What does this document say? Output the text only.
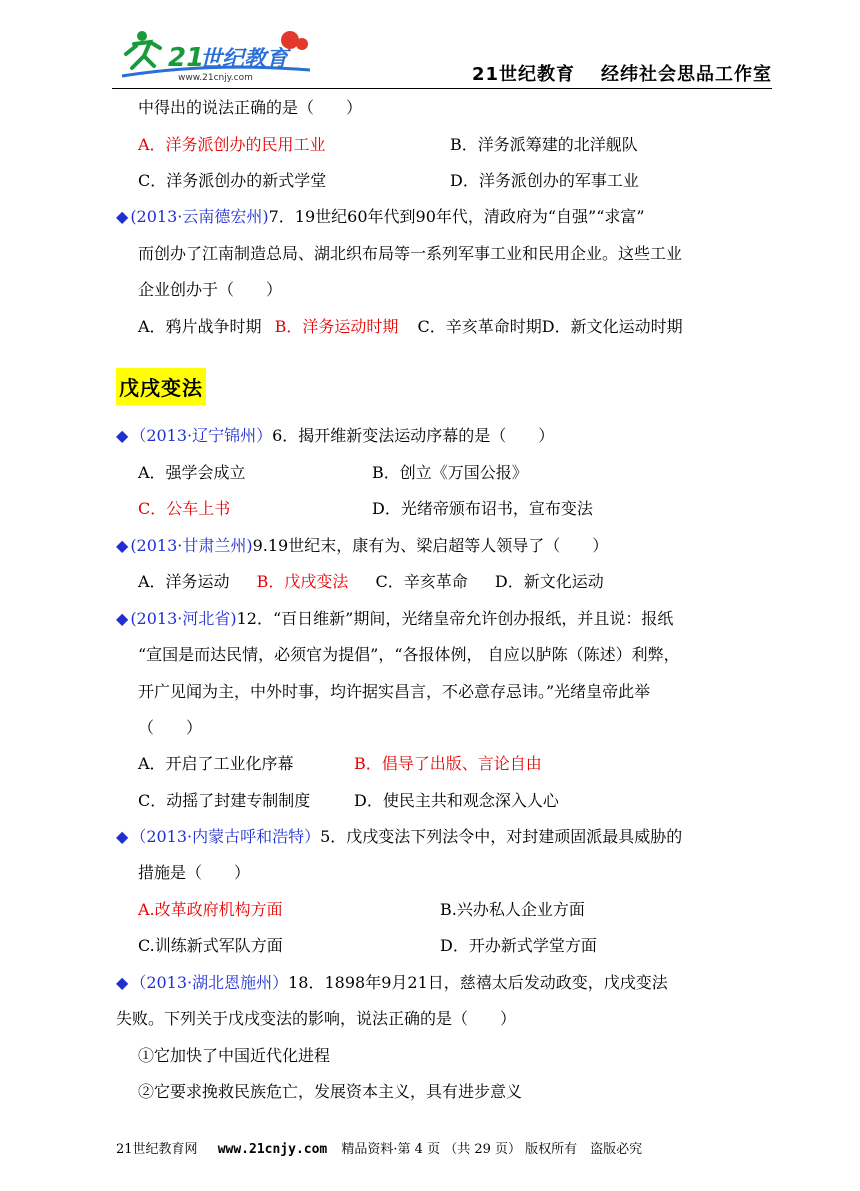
21
世纪教育
www.21cnjy.com	21世纪教育 经纬社会思品工作室
中得出的说法正确的是（　　）
A．洋务派创办的民用工业	B．洋务派筹建的北洋舰队
C．洋务派创办的新式学堂	D．洋务派创办的军事工业
◆ (2013·云南德宏州)7．19世纪60年代到90年代，清政府为“自强”“求富”
而创办了江南制造总局、湖北织布局等一系列军事工业和民用企业。这些工业
企业创办于（　　）
A．鸦片战争时期 B．洋务运动时期 C．辛亥革命时期D．新文化运动时期
戊戌变法
◆ （2013·辽宁锦州）6．揭开维新变法运动序幕的是（　　）
A．强学会成立	B．创立《万国公报》
C．公车上书	D．光绪帝颁布诏书，宣布变法
◆ (2013·甘肃兰州)9.19世纪末，康有为、梁启超等人领导了（　　）
A．洋务运动 B．戊戌变法 C．辛亥革命 D．新文化运动
◆ (2013·河北省)12．“百日维新”期间，光绪皇帝允许创办报纸，并且说：报纸
“宣国是而达民情，必须官为提倡”，“各报体例， 自应以胪陈（陈述）利弊，
开广见闻为主，中外时事，均许据实昌言，不必意存忌讳。”光绪皇帝此举
（　　）
A．开启了工业化序幕	B．倡导了出版、言论自由
C．动摇了封建专制制度	D．使民主共和观念深入人心
◆ （2013·内蒙古呼和浩特）5．戊戌变法下列法令中，对封建顽固派最具威胁的
措施是（　　）
A.改革政府机构方面	B.兴办私人企业方面
C.训练新式军队方面	D．开办新式学堂方面
◆ （2013·湖北恩施州）18．1898年9月21日，慈禧太后发动政变，戊戌变法
失败。下列关于戊戌变法的影响，说法正确的是（　　）
①它加快了中国近代化进程
②它要求挽救民族危亡，发展资本主义，具有进步意义
21世纪教育网 www.21cnjy.com 精品资料·第 4 页 （共 29 页） 版权所有　盗版必究
